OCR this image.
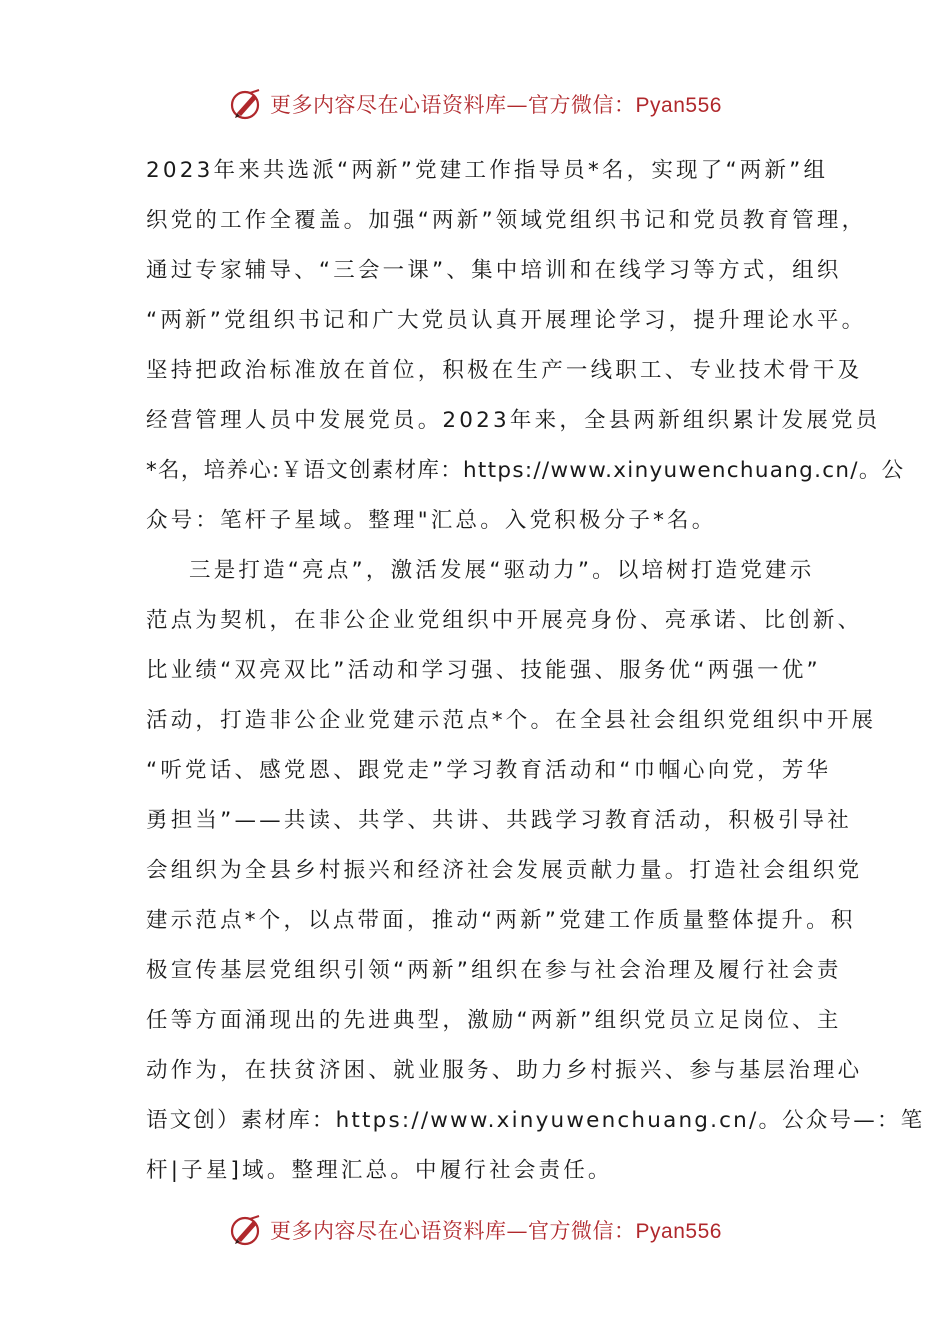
更多内容尽在心语资料库—官方微信：Pyan556
2023年来共选派“两新”党建工作指导员*名，实现了“两新”组
织党的工作全覆盖。加强“两新”领域党组织书记和党员教育管理，
通过专家辅导、“三会一课”、集中培训和在线学习等方式，组织
“两新”党组织书记和广大党员认真开展理论学习，提升理论水平。
坚持把政治标准放在首位，积极在生产一线职工、专业技术骨干及
经营管理人员中发展党员。2023年来，全县两新组织累计发展党员
*名，培养心:￥语文创素材库：https://www.xinyuwenchuang.cn/。公
众号：笔杆子星域。整理"汇总。入党积极分子*名。
三是打造“亮点”，激活发展“驱动力”。以培树打造党建示
范点为契机，在非公企业党组织中开展亮身份、亮承诺、比创新、
比业绩“双亮双比”活动和学习强、技能强、服务优“两强一优”
活动，打造非公企业党建示范点*个。在全县社会组织党组织中开展
“听党话、感党恩、跟党走”学习教育活动和“巾帼心向党，芳华
勇担当”——共读、共学、共讲、共践学习教育活动，积极引导社
会组织为全县乡村振兴和经济社会发展贡献力量。打造社会组织党
建示范点*个，以点带面，推动“两新”党建工作质量整体提升。积
极宣传基层党组织引领“两新”组织在参与社会治理及履行社会责
任等方面涌现出的先进典型，激励“两新”组织党员立足岗位、主
动作为，在扶贫济困、就业服务、助力乡村振兴、参与基层治理心
语文创）素材库：https://www.xinyuwenchuang.cn/。公众号—：笔
杆|子星]域。整理汇总。中履行社会责任。
更多内容尽在心语资料库—官方微信：Pyan556
